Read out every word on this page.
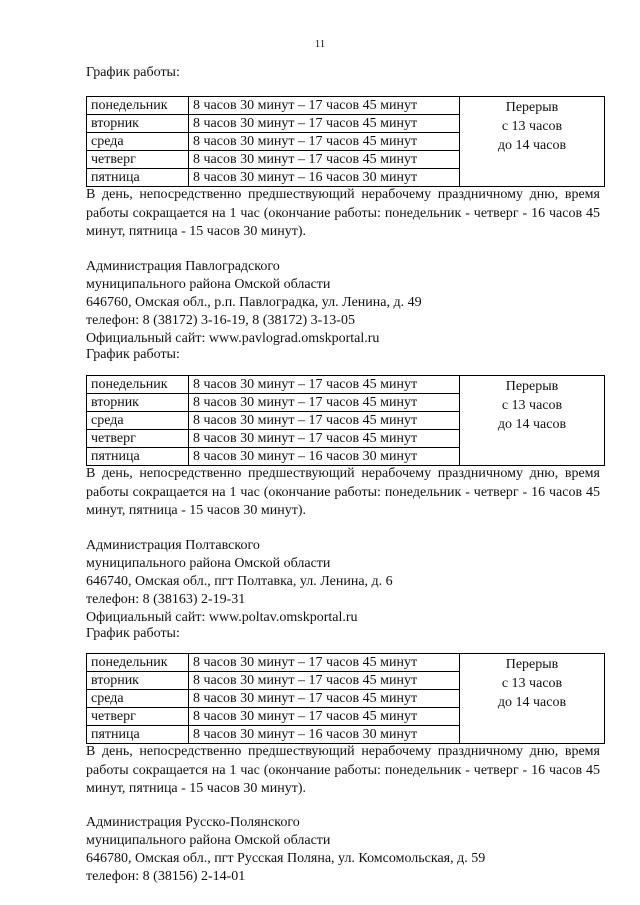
11
График работы:
понедельник	8 часов 30 минут – 17 часов 45 минут	Перерыв
с 13 часов
до 14 часов

вторник	8 часов 30 минут – 17 часов 45 минут	
среда	8 часов 30 минут – 17 часов 45 минут	
четверг	8 часов 30 минут – 17 часов 45 минут	
пятница	8 часов 30 минут – 16 часов 30 минут	
В день, непосредственно предшествующий нерабочему праздничному дню, время работы сокращается на 1 час (окончание работы: понедельник - четверг - 16 часов 45 минут, пятница - 15 часов 30 минут).
Администрация Павлоградского
муниципального района Омской области
646760, Омская обл., р.п. Павлоградка, ул. Ленина, д. 49
телефон: 8 (38172) 3-16-19, 8 (38172) 3-13-05
Официальный сайт: www.pavlograd.omskportal.ru
График работы:
понедельник	8 часов 30 минут – 17 часов 45 минут	Перерыв
с 13 часов
до 14 часов

вторник	8 часов 30 минут – 17 часов 45 минут	
среда	8 часов 30 минут – 17 часов 45 минут	
четверг	8 часов 30 минут – 17 часов 45 минут	
пятница	8 часов 30 минут – 16 часов 30 минут	
В день, непосредственно предшествующий нерабочему праздничному дню, время работы сокращается на 1 час (окончание работы: понедельник - четверг - 16 часов 45 минут, пятница - 15 часов 30 минут).
Администрация Полтавского
муниципального района Омской области
646740, Омская обл., пгт Полтавка, ул. Ленина, д. 6
телефон: 8 (38163) 2-19-31
Официальный сайт: www.poltav.omskportal.ru
График работы:
понедельник	8 часов 30 минут – 17 часов 45 минут	Перерыв
с 13 часов
до 14 часов

вторник	8 часов 30 минут – 17 часов 45 минут	
среда	8 часов 30 минут – 17 часов 45 минут	
четверг	8 часов 30 минут – 17 часов 45 минут	
пятница	8 часов 30 минут – 16 часов 30 минут	
В день, непосредственно предшествующий нерабочему праздничному дню, время работы сокращается на 1 час (окончание работы: понедельник - четверг - 16 часов 45 минут, пятница - 15 часов 30 минут).
Администрация Русско-Полянского
муниципального района Омской области
646780, Омская обл., пгт Русская Поляна, ул. Комсомольская, д. 59
телефон: 8 (38156) 2-14-01
